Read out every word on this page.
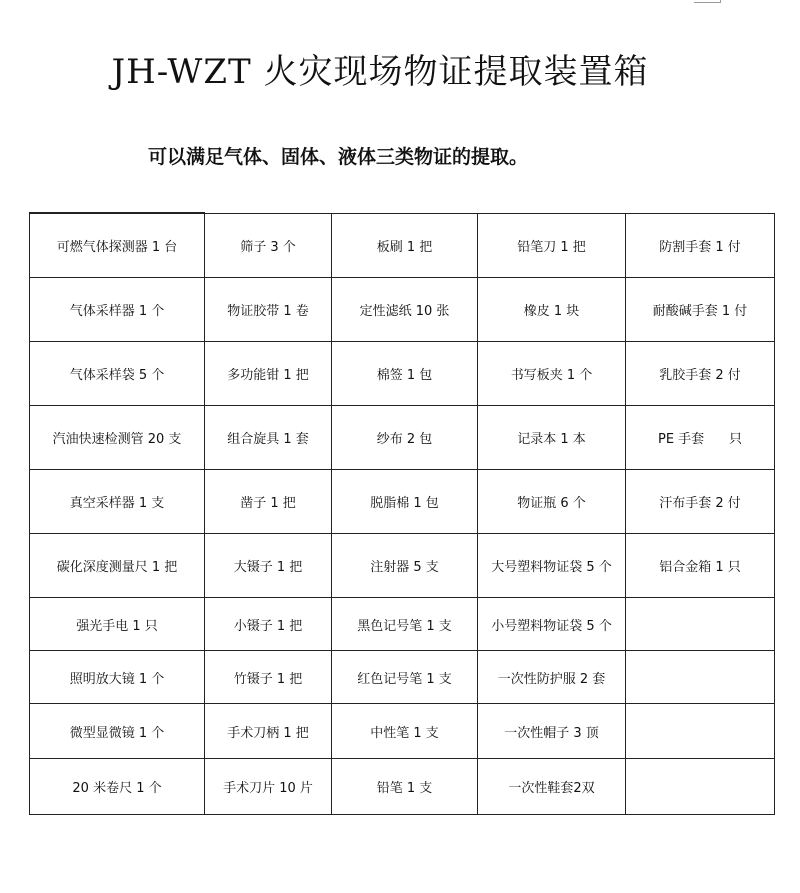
JH-WZT 火灾现场物证提取装置箱
可以满足气体、固体、液体三类物证的提取。
可燃气体探测器 1 台	筛子 3 个	板刷 1 把	铅笔刀 1 把	防割手套 1 付
气体采样器 1 个	物证胶带 1 卷	定性滤纸 10 张	橡皮 1 块	耐酸碱手套 1 付
气体采样袋 5 个	多功能钳 1 把	棉签 1 包	书写板夹 1 个	乳胶手套 2 付
汽油快速检测管 20 支	组合旋具 1 套	纱布 2 包	记录本 1 本	PE 手套      只
真空采样器 1 支	凿子 1 把	脱脂棉 1 包	物证瓶 6 个	汗布手套 2 付
碳化深度测量尺 1 把	大镊子 1 把	注射器 5 支	大号塑料物证袋 5 个	铝合金箱 1 只
强光手电 1 只	小镊子 1 把	黑色记号笔 1 支	小号塑料物证袋 5 个	
照明放大镜 1 个	竹镊子 1 把	红色记号笔 1 支	一次性防护服 2 套	
微型显微镜 1 个	手术刀柄 1 把	中性笔 1 支	一次性帽子 3 顶	
20 米卷尺 1 个	手术刀片 10 片	铅笔 1 支	一次性鞋套2双	
